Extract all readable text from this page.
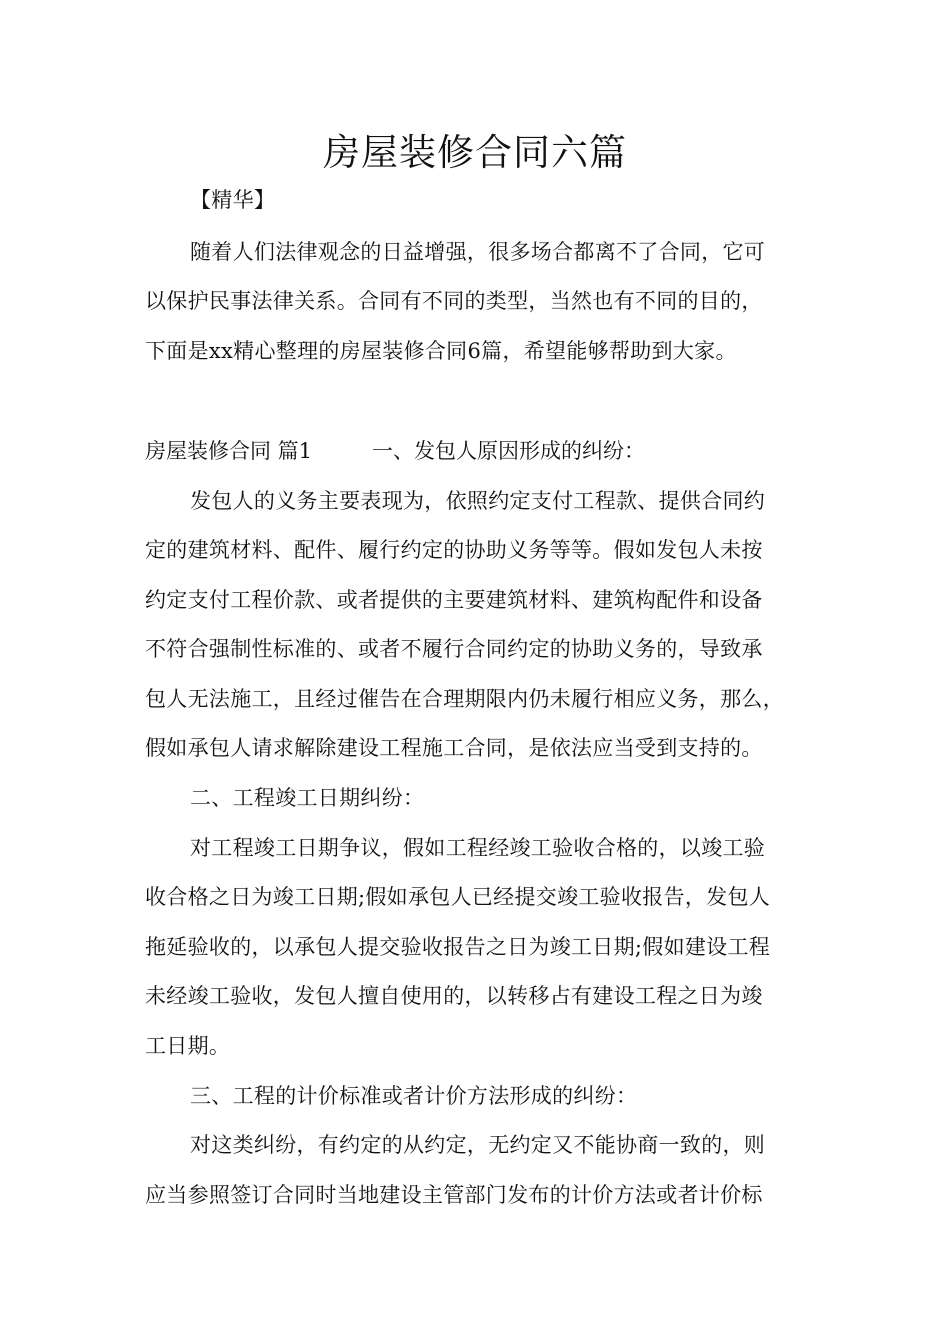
房屋装修合同六篇
【精华】
随着人们法律观念的日益增强，很多场合都离不了合同，它可
以保护民事法律关系。合同有不同的类型，当然也有不同的目的，
下面是xx精心整理的房屋装修合同6篇，希望能够帮助到大家。
房屋装修合同 篇1	一、发包人原因形成的纠纷：
发包人的义务主要表现为，依照约定支付工程款、提供合同约
定的建筑材料、配件、履行约定的协助义务等等。假如发包人未按
约定支付工程价款、或者提供的主要建筑材料、建筑构配件和设备
不符合强制性标准的、或者不履行合同约定的协助义务的，导致承
包人无法施工，且经过催告在合理期限内仍未履行相应义务，那么，
假如承包人请求解除建设工程施工合同，是依法应当受到支持的。
二、工程竣工日期纠纷：
对工程竣工日期争议，假如工程经竣工验收合格的，以竣工验
收合格之日为竣工日期;假如承包人已经提交竣工验收报告，发包人
拖延验收的，以承包人提交验收报告之日为竣工日期;假如建设工程
未经竣工验收，发包人擅自使用的，以转移占有建设工程之日为竣
工日期。
三、工程的计价标准或者计价方法形成的纠纷：
对这类纠纷，有约定的从约定，无约定又不能协商一致的，则
应当参照签订合同时当地建设主管部门发布的计价方法或者计价标
